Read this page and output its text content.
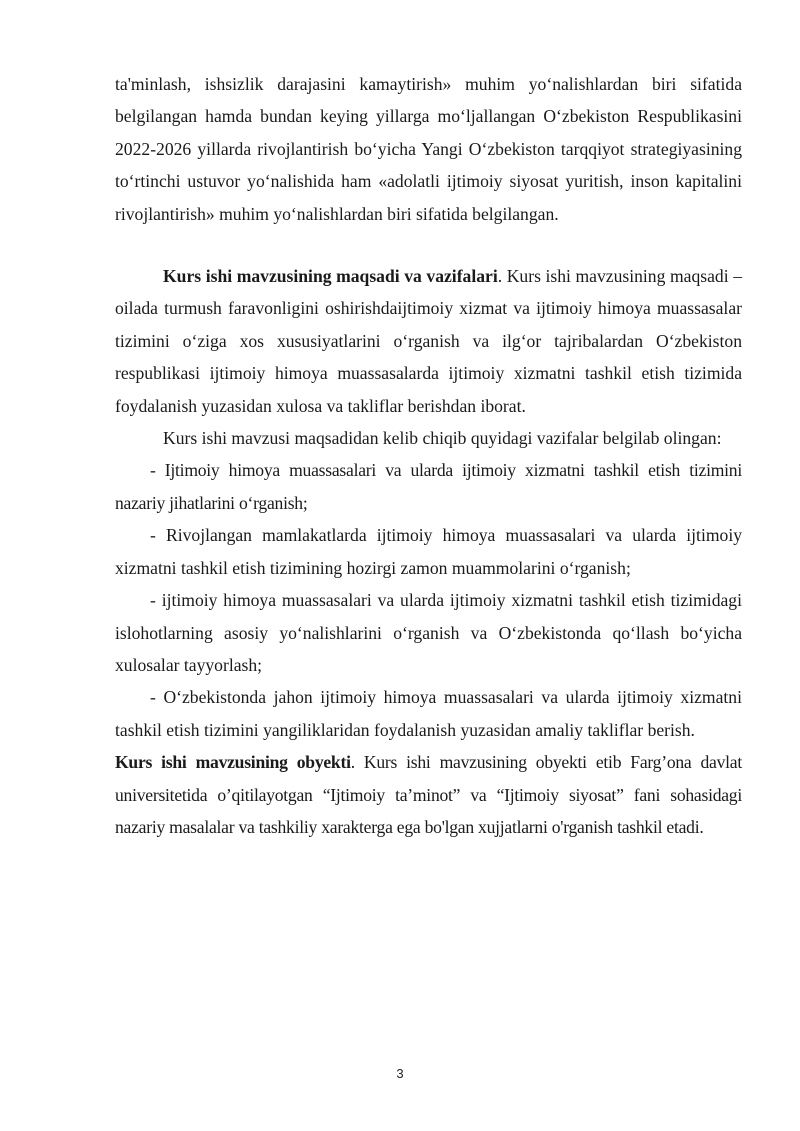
ta'minlash, ishsizlik darajasini kamaytirish» muhim yo‘nalishlardan biri sifatida belgilangan hamda bundan keying yillarga mo‘ljallangan O‘zbekiston Respublikasini 2022-2026 yillarda rivojlantirish bo‘yicha Yangi O‘zbekiston tarqqiyot strategiyasining to‘rtinchi ustuvor yo‘nalishida ham «adolatli ijtimoiy siyosat yuritish, inson kapitalini rivojlantirish» muhim yo‘nalishlardan biri sifatida belgilangan.

Kurs ishi mavzusining maqsadi va vazifalari. Kurs ishi mavzusining maqsadi – oilada turmush faravonligini oshirishdaijtimoiy xizmat va ijtimoiy himoya muassasalar tizimini o‘ziga xos xususiyatlarini o‘rganish va ilg‘or tajribalardan O‘zbekiston respublikasi ijtimoiy himoya muassasalarda ijtimoiy xizmatni tashkil etish tizimida foydalanish yuzasidan xulosa va takliflar berishdan iborat.

Kurs ishi mavzusi maqsadidan kelib chiqib quyidagi vazifalar belgilab olingan:

- Ijtimoiy himoya muassasalari va ularda ijtimoiy xizmatni tashkil etish tizimini nazariy jihatlarini o‘rganish;

- Rivojlangan mamlakatlarda ijtimoiy himoya muassasalari va ularda ijtimoiy xizmatni tashkil etish tizimining hozirgi zamon muammolarini o‘rganish;

- ijtimoiy himoya muassasalari va ularda ijtimoiy xizmatni tashkil etish tizimidagi islohotlarning asosiy yo‘nalishlarini o‘rganish va O‘zbekistonda qo‘llash bo‘yicha xulosalar tayyorlash;

- O‘zbekistonda jahon ijtimoiy himoya muassasalari va ularda ijtimoiy xizmatni tashkil etish tizimini yangiliklaridan foydalanish yuzasidan amaliy takliflar berish.

Kurs ishi mavzusining obyekti. Kurs ishi mavzusining obyekti etib Farg’ona davlat universitetida o’qitilayotgan “Ijtimoiy ta’minot” va “Ijtimoiy siyosat” fani sohasidagi nazariy masalalar va tashkiliy xarakterga ega bo'lgan xujjatlarni o'rganish tashkil etadi.

3
